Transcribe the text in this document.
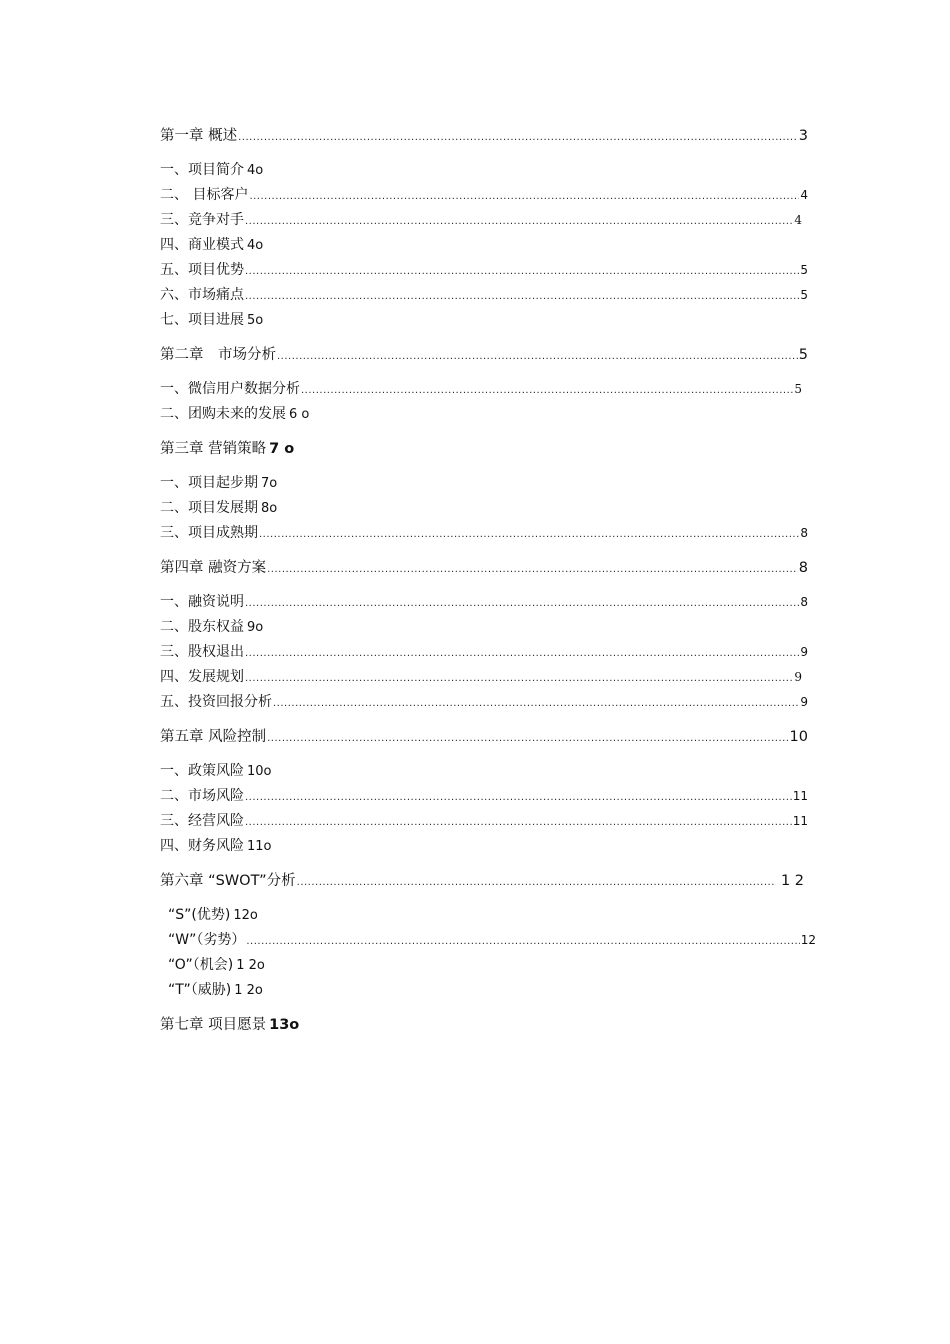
第一章 概述 .....	3
一、项目简介 4o
二、 目标客户 .....	4
三、竞争对手 .....	4
四、商业模式 4o
五、项目优势 .....	5
六、市场痛点 .....	5
七、项目进展 5o
第二章　市场分析 .....	5
一、微信用户数据分析 .....	5
二、团购未来的发展 6 o
第三章 营销策略 7 o
一、项目起步期 7o
二、项目发展期 8o
三、项目成熟期 .....	8
第四章 融资方案 .....	8
一、融资说明 .....	8
二、股东权益 9o
三、股权退出 .....	9
四、发展规划 .....	9
五、投资回报分析 .....	9
第五章 风险控制 .....	10
一、政策风险 10o
二、市场风险 .....	11
三、经营风险 .....	11
四、财务风险 11o
第六章 “SWOT”分析 .....	1 2
“S”(优势) 12o
“W”（劣势） .....	12
“O”（机会) 1 2o
“T”（威胁) 1 2o
第七章 项目愿景 13o
